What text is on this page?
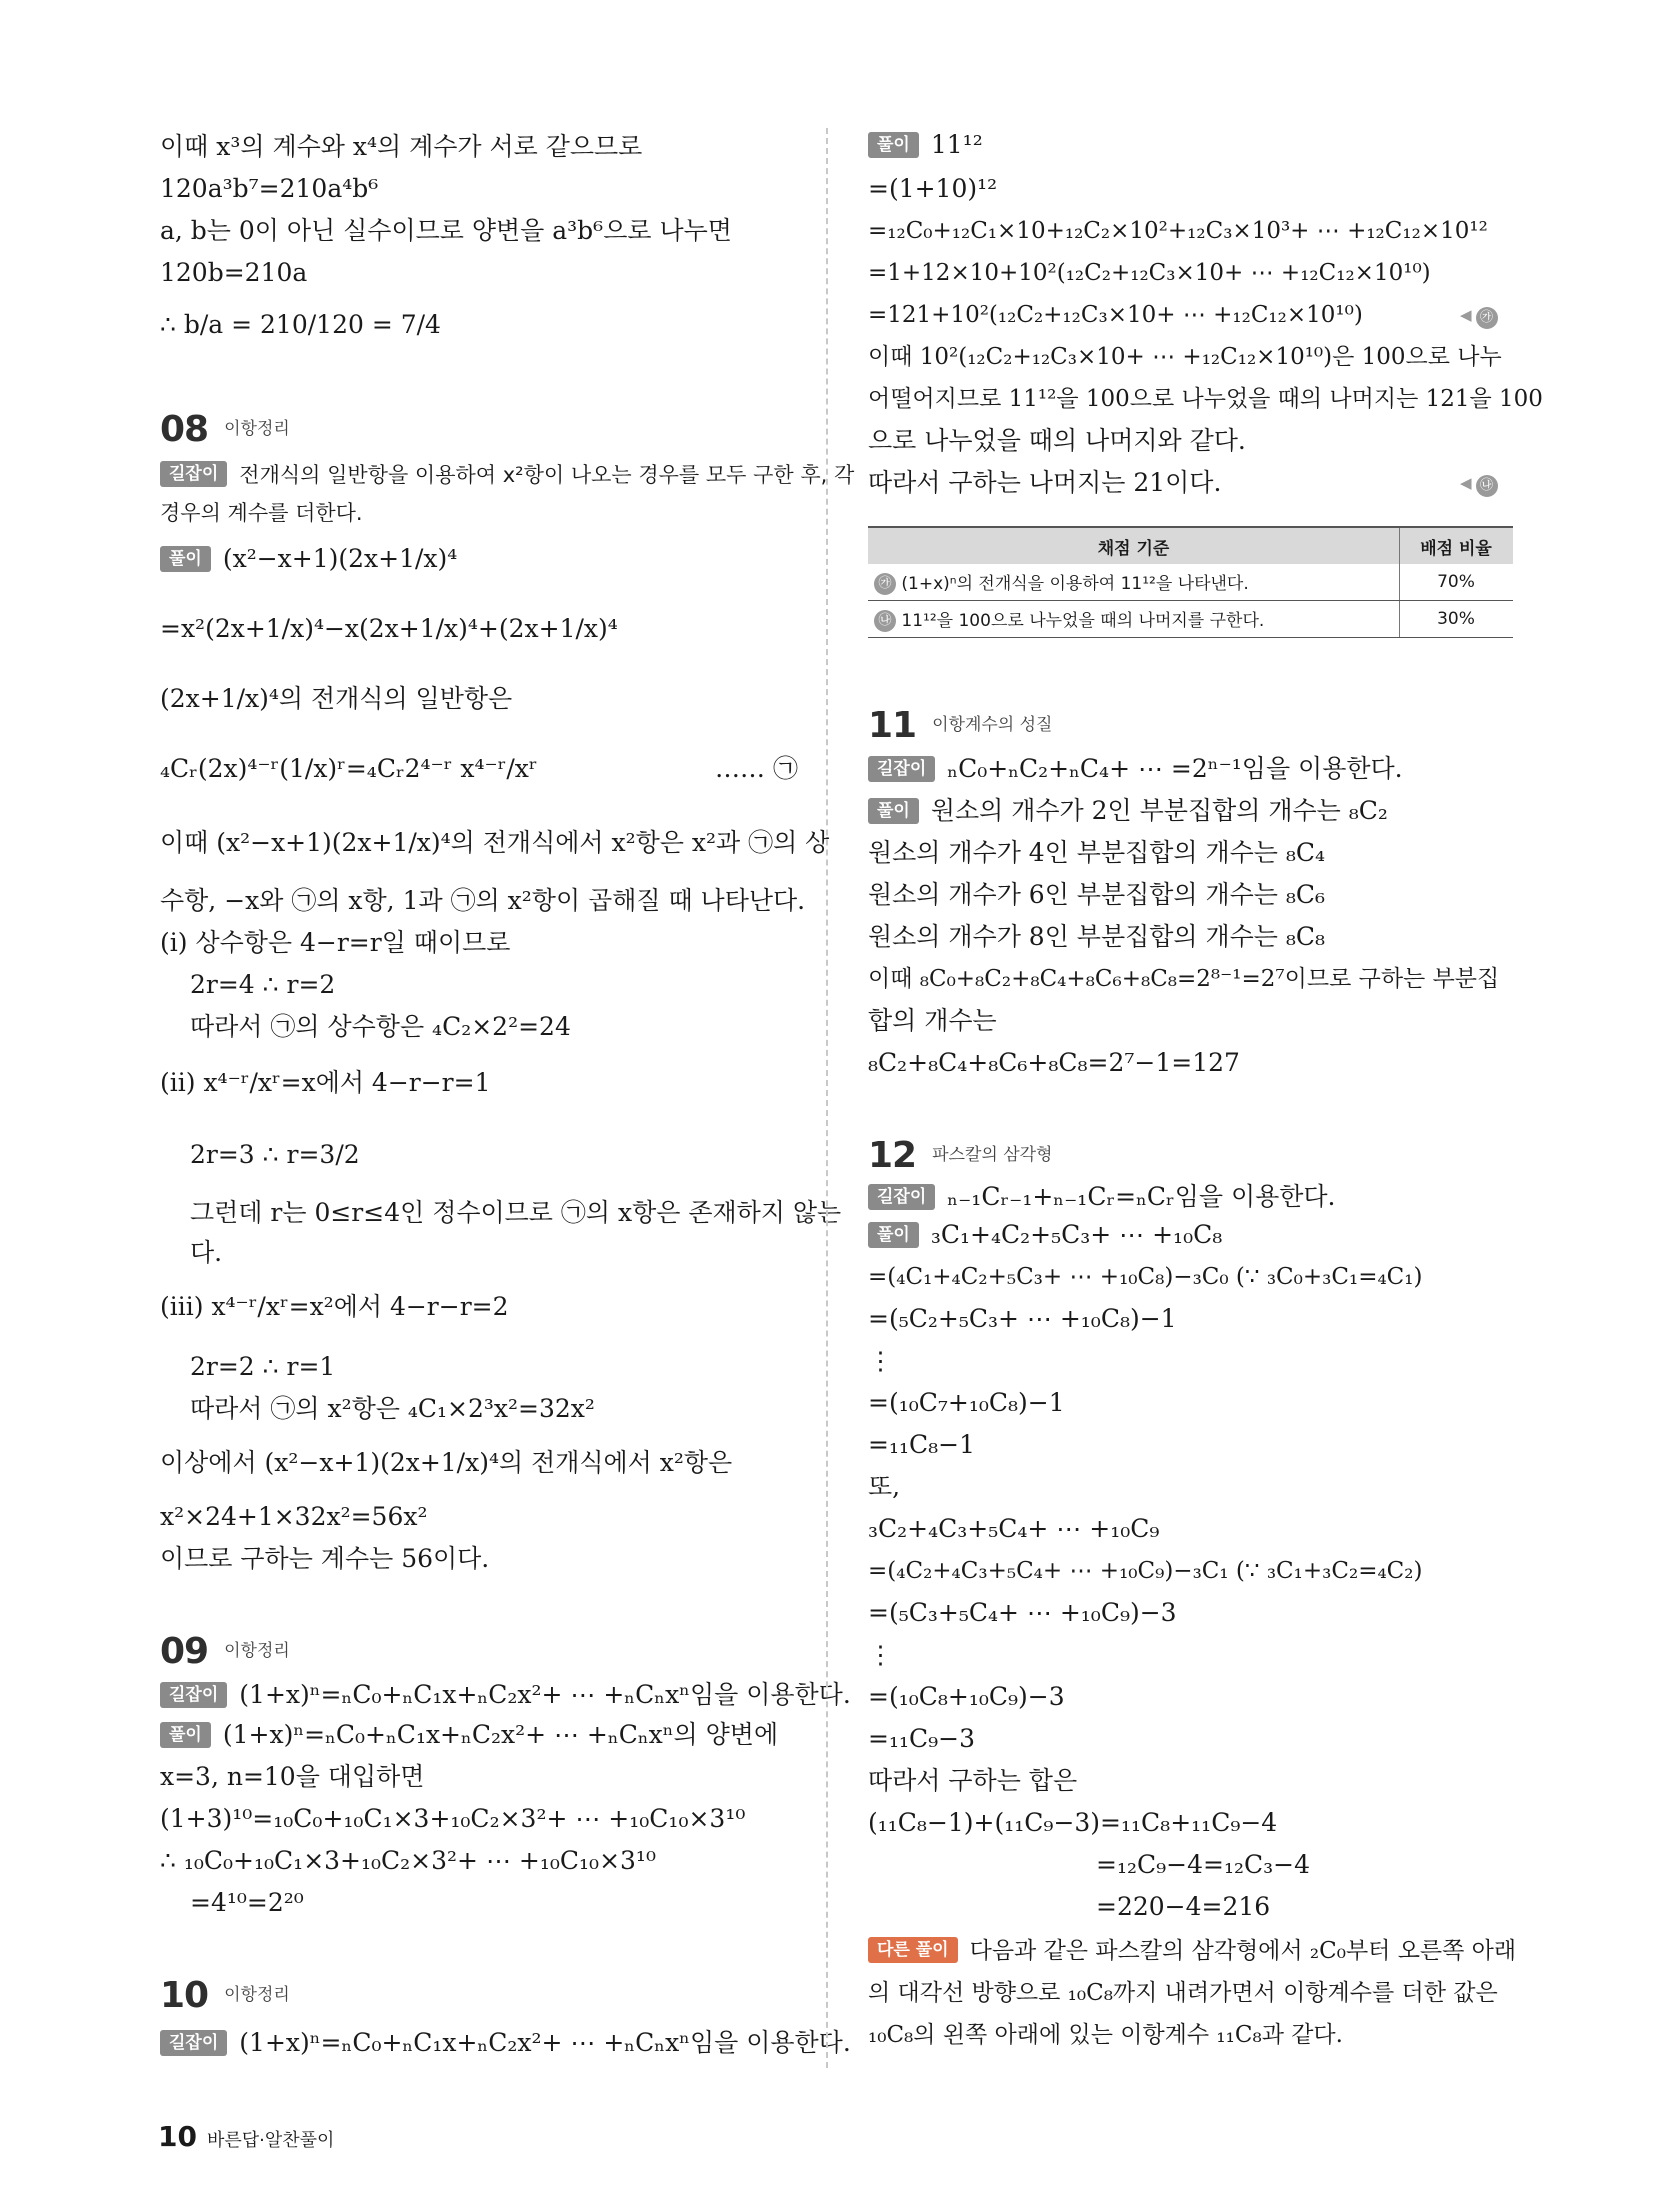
이때 x³의 계수와 x⁴의 계수가 서로 같으므로
120a³b⁷=210a⁴b⁶
a, b는 0이 아닌 실수이므로 양변을 a³b⁶으로 나누면
120b=210a
∴ b/a = 210/120 = 7/4
08 이항정리
길잡이 전개식의 일반항을 이용하여 x²항이 나오는 경우를 모두 구한 후, 각
경우의 계수를 더한다.
풀이 (x²−x+1)(2x+1/x)⁴
=x²(2x+1/x)⁴−x(2x+1/x)⁴+(2x+1/x)⁴
(2x+1/x)⁴의 전개식의 일반항은
₄Cᵣ(2x)⁴⁻ʳ(1/x)ʳ=₄Cᵣ2⁴⁻ʳ x⁴⁻ʳ/xʳ	…… ㉠
이때 (x²−x+1)(2x+1/x)⁴의 전개식에서 x²항은 x²과 ㉠의 상
수항, −x와 ㉠의 x항, 1과 ㉠의 x²항이 곱해질 때 나타난다.
(i) 상수항은 4−r=r일 때이므로
2r=4 ∴ r=2
따라서 ㉠의 상수항은 ₄C₂×2²=24
(ii) x⁴⁻ʳ/xʳ=x에서 4−r−r=1
2r=3 ∴ r=3/2
그런데 r는 0≤r≤4인 정수이므로 ㉠의 x항은 존재하지 않는
다.
(iii) x⁴⁻ʳ/xʳ=x²에서 4−r−r=2
2r=2 ∴ r=1
따라서 ㉠의 x²항은 ₄C₁×2³x²=32x²
이상에서 (x²−x+1)(2x+1/x)⁴의 전개식에서 x²항은
x²×24+1×32x²=56x²
이므로 구하는 계수는 56이다.
09 이항정리
길잡이 (1+x)ⁿ=ₙC₀+ₙC₁x+ₙC₂x²+ ⋯ +ₙCₙxⁿ임을 이용한다.
풀이 (1+x)ⁿ=ₙC₀+ₙC₁x+ₙC₂x²+ ⋯ +ₙCₙxⁿ의 양변에
x=3, n=10을 대입하면
(1+3)¹⁰=₁₀C₀+₁₀C₁×3+₁₀C₂×3²+ ⋯ +₁₀C₁₀×3¹⁰
∴ ₁₀C₀+₁₀C₁×3+₁₀C₂×3²+ ⋯ +₁₀C₁₀×3¹⁰
=4¹⁰=2²⁰
10 이항정리
길잡이 (1+x)ⁿ=ₙC₀+ₙC₁x+ₙC₂x²+ ⋯ +ₙCₙxⁿ임을 이용한다.
풀이 11¹²
=(1+10)¹²
=₁₂C₀+₁₂C₁×10+₁₂C₂×10²+₁₂C₃×10³+ ⋯ +₁₂C₁₂×10¹²
=1+12×10+10²(₁₂C₂+₁₂C₃×10+ ⋯ +₁₂C₁₂×10¹⁰)
=121+10²(₁₂C₂+₁₂C₃×10+ ⋯ +₁₂C₁₂×10¹⁰)	◀ ㉮
이때 10²(₁₂C₂+₁₂C₃×10+ ⋯ +₁₂C₁₂×10¹⁰)은 100으로 나누
어떨어지므로 11¹²을 100으로 나누었을 때의 나머지는 121을 100
으로 나누었을 때의 나머지와 같다.
따라서 구하는 나머지는 21이다.	◀ ㉯
채점 기준	배점 비율
㉮ (1+x)ⁿ의 전개식을 이용하여 11¹²을 나타낸다.	70%
㉯ 11¹²을 100으로 나누었을 때의 나머지를 구한다.	30%
11 이항계수의 성질
길잡이 ₙC₀+ₙC₂+ₙC₄+ ⋯ =2ⁿ⁻¹임을 이용한다.
풀이 원소의 개수가 2인 부분집합의 개수는 ₈C₂
원소의 개수가 4인 부분집합의 개수는 ₈C₄
원소의 개수가 6인 부분집합의 개수는 ₈C₆
원소의 개수가 8인 부분집합의 개수는 ₈C₈
이때 ₈C₀+₈C₂+₈C₄+₈C₆+₈C₈=2⁸⁻¹=2⁷이므로 구하는 부분집
합의 개수는
₈C₂+₈C₄+₈C₆+₈C₈=2⁷−1=127
12 파스칼의 삼각형
길잡이 ₙ₋₁Cᵣ₋₁+ₙ₋₁Cᵣ=ₙCᵣ임을 이용한다.
풀이 ₃C₁+₄C₂+₅C₃+ ⋯ +₁₀C₈
=(₄C₁+₄C₂+₅C₃+ ⋯ +₁₀C₈)−₃C₀ (∵ ₃C₀+₃C₁=₄C₁)
=(₅C₂+₅C₃+ ⋯ +₁₀C₈)−1
⋮
=(₁₀C₇+₁₀C₈)−1
=₁₁C₈−1
또,
₃C₂+₄C₃+₅C₄+ ⋯ +₁₀C₉
=(₄C₂+₄C₃+₅C₄+ ⋯ +₁₀C₉)−₃C₁ (∵ ₃C₁+₃C₂=₄C₂)
=(₅C₃+₅C₄+ ⋯ +₁₀C₉)−3
⋮
=(₁₀C₈+₁₀C₉)−3
=₁₁C₉−3
따라서 구하는 합은
(₁₁C₈−1)+(₁₁C₉−3)=₁₁C₈+₁₁C₉−4
=₁₂C₉−4=₁₂C₃−4
=220−4=216
다른 풀이 다음과 같은 파스칼의 삼각형에서 ₂C₀부터 오른쪽 아래
의 대각선 방향으로 ₁₀C₈까지 내려가면서 이항계수를 더한 값은
₁₀C₈의 왼쪽 아래에 있는 이항계수 ₁₁C₈과 같다.
10 바른답·알찬풀이
